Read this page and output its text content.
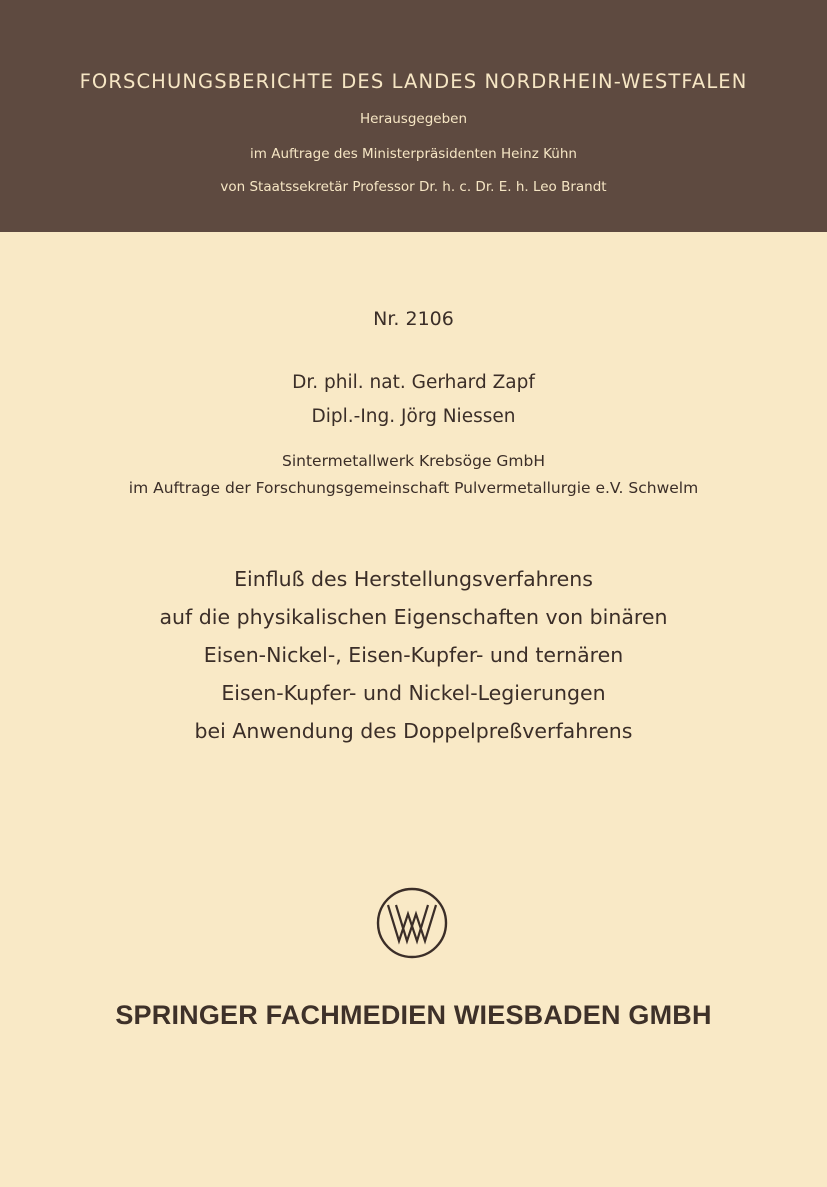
FORSCHUNGSBERICHTE DES LANDES NORDRHEIN-WESTFALEN
Herausgegeben
im Auftrage des Ministerpräsidenten Heinz Kühn
von Staatssekretär Professor Dr. h. c. Dr. E. h. Leo Brandt
Nr. 2106
Dr. phil. nat. Gerhard Zapf
Dipl.-Ing. Jörg Niessen
Sintermetallwerk Krebsöge GmbH
im Auftrage der Forschungsgemeinschaft Pulvermetallurgie e.V. Schwelm
Einfluß des Herstellungsverfahrens
auf die physikalischen Eigenschaften von binären
Eisen-Nickel-, Eisen-Kupfer- und ternären
Eisen-Kupfer- und Nickel-Legierungen
bei Anwendung des Doppelpreßverfahrens
SPRINGER FACHMEDIEN WIESBADEN GMBH
